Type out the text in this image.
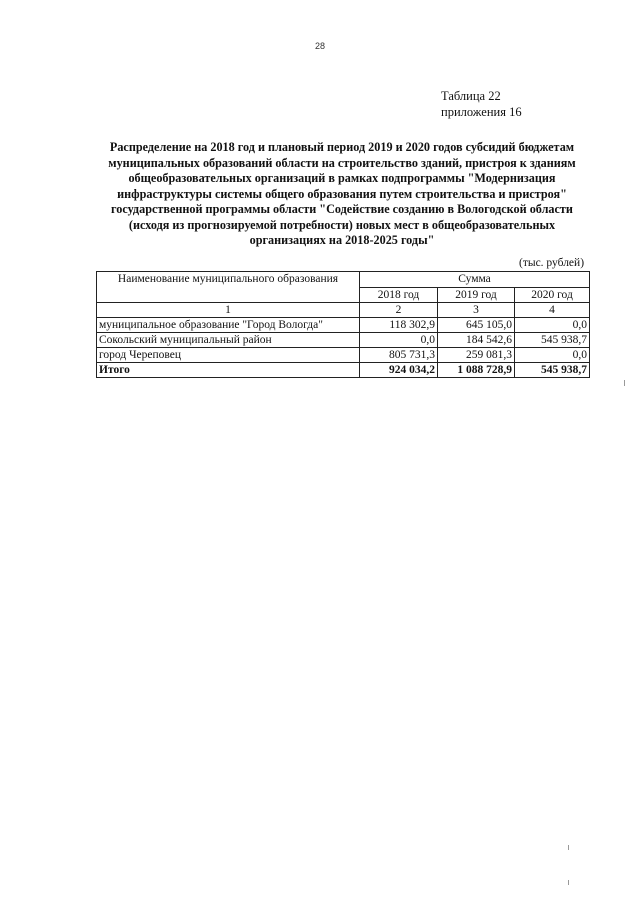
28
Таблица 22
приложения 16
Распределение на 2018 год и плановый период 2019 и 2020 годов субсидий бюджетам
муниципальных образований области на строительство зданий, пристроя к зданиям
общеобразовательных организаций в рамках подпрограммы "Модернизация
инфраструктуры системы общего образования путем строительства и пристроя"
государственной программы области "Содействие созданию в Вологодской области
(исходя из прогнозируемой потребности) новых мест в общеобразовательных
организациях на 2018-2025 годы"
(тыс. рублей)
Наименование муниципального образования	Сумма		
	2018 год	2019 год	2020 год
1	2	3	4
муниципальное образование "Город Вологда"	118 302,9	645 105,0	0,0
Сокольский муниципальный район	0,0	184 542,6	545 938,7
город Череповец	805 731,3	259 081,3	0,0
Итого	924 034,2	1 088 728,9	545 938,7
